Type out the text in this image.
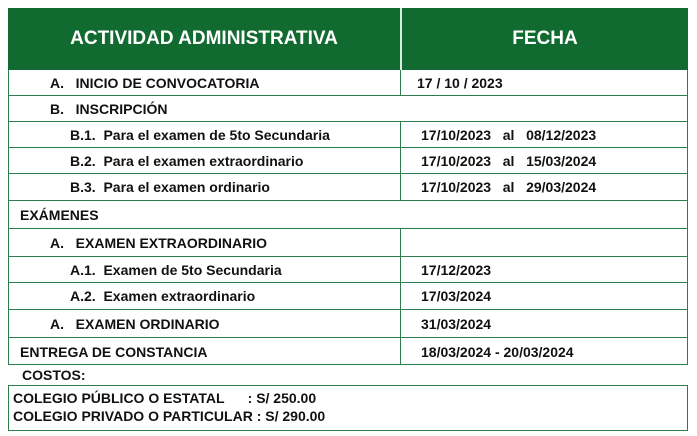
ACTIVIDAD ADMINISTRATIVA	FECHA
A.   INICIO DE CONVOCATORIA	17 / 10 / 2023
B.   INSCRIPCIÓN
B.1.  Para el examen de 5to Secundaria	17/10/2023   al   08/12/2023
B.2.  Para el examen extraordinario	17/10/2023   al   15/03/2024
B.3.  Para el examen ordinario	17/10/2023   al   29/03/2024
EXÁMENES
A.   EXAMEN EXTRAORDINARIO
A.1.  Examen de 5to Secundaria	17/12/2023
A.2.  Examen extraordinario	17/03/2024
A.   EXAMEN ORDINARIO	31/03/2024
ENTREGA DE CONSTANCIA	18/03/2024 - 20/03/2024
COSTOS:
COLEGIO PÚBLICO O ESTATAL      : S/ 250.00
COLEGIO PRIVADO O PARTICULAR : S/ 290.00
